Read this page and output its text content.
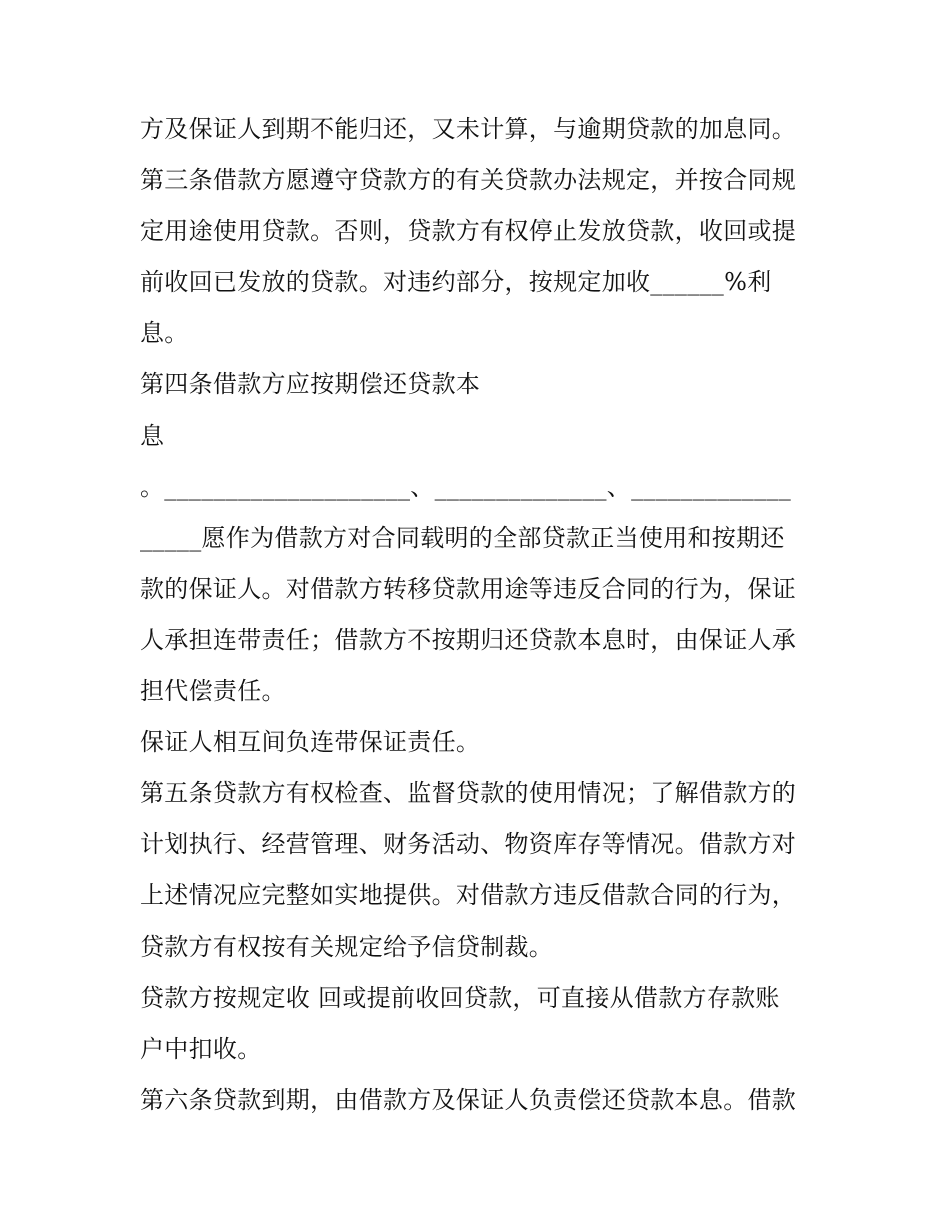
方及保证人到期不能归还，又未计算，与逾期贷款的加息同。
第三条借款方愿遵守贷款方的有关贷款办法规定，并按合同规
定用途使用贷款。否则，贷款方有权停止发放贷款，收回或提
前收回已发放的贷款。对违约部分，按规定加收______%利
息。
第四条借款方应按期偿还贷款本
息
。____________________、______________、_____________
_____愿作为借款方对合同载明的全部贷款正当使用和按期还
款的保证人。对借款方转移贷款用途等违反合同的行为，保证
人承担连带责任；借款方不按期归还贷款本息时，由保证人承
担代偿责任。
保证人相互间负连带保证责任。
第五条贷款方有权检查、监督贷款的使用情况；了解借款方的
计划执行、经营管理、财务活动、物资库存等情况。借款方对
上述情况应完整如实地提供。对借款方违反借款合同的行为，
贷款方有权按有关规定给予信贷制裁。
贷款方按规定收 回或提前收回贷款，可直接从借款方存款账
户中扣收。
第六条贷款到期，由借款方及保证人负责偿还贷款本息。借款
